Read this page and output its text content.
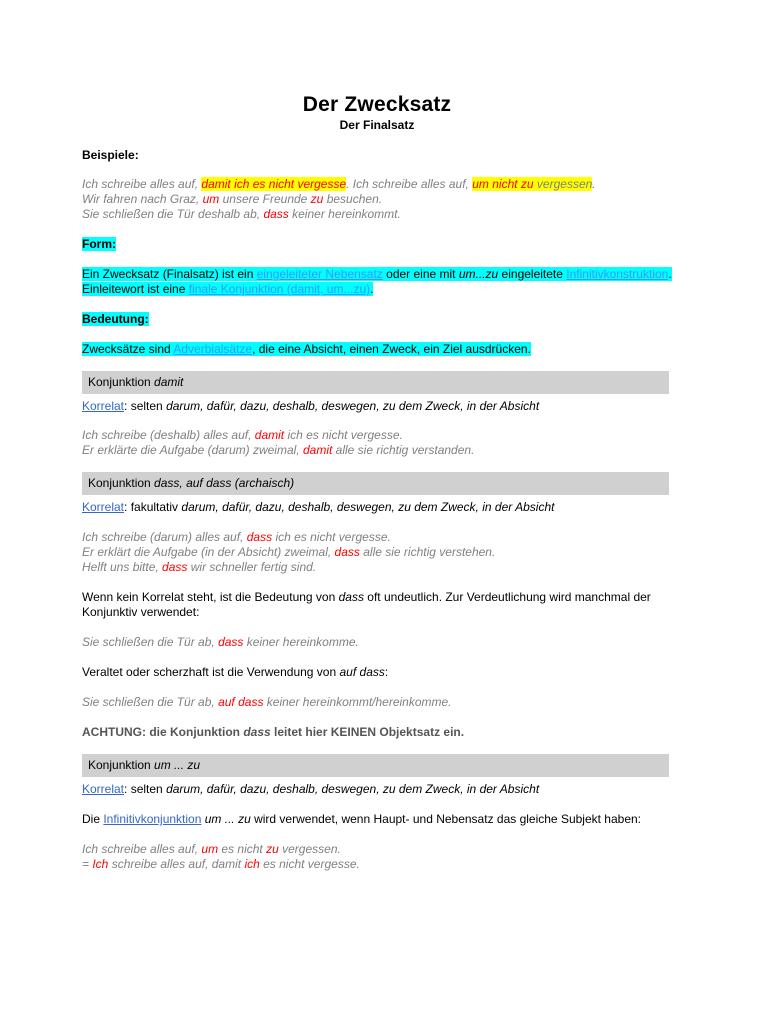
Der Zwecksatz
Der Finalsatz

Beispiele:

Ich schreibe alles auf, damit ich es nicht vergesse. Ich schreibe alles auf, um nicht zu vergessen.

Wir fahren nach Graz, um unsere Freunde zu besuchen.

Sie schließen die Tür deshalb ab, dass keiner hereinkommt.

Form:

Ein Zwecksatz (Finalsatz) ist ein eingeleiteter Nebensatz oder eine mit um...zu eingeleitete Infinitivkonstruktion. Einleitewort ist eine finale Konjunktion (damit, um...zu).

Bedeutung:

Zwecksätze sind Adverbialsätze, die eine Absicht, einen Zweck, ein Ziel ausdrücken.

Konjunktion damit

Korrelat: selten darum, dafür, dazu, deshalb, deswegen, zu dem Zweck, in der Absicht

Ich schreibe (deshalb) alles auf, damit ich es nicht vergesse.

Er erklärte die Aufgabe (darum) zweimal, damit alle sie richtig verstanden.

Konjunktion dass, auf dass (archaisch)

Korrelat: fakultativ darum, dafür, dazu, deshalb, deswegen, zu dem Zweck, in der Absicht

Ich schreibe (darum) alles auf, dass ich es nicht vergesse.

Er erklärt die Aufgabe (in der Absicht) zweimal, dass alle sie richtig verstehen.

Helft uns bitte, dass wir schneller fertig sind.

Wenn kein Korrelat steht, ist die Bedeutung von dass oft undeutlich. Zur Verdeutlichung wird manchmal der Konjunktiv verwendet:

Sie schließen die Tür ab, dass keiner hereinkomme.

Veraltet oder scherzhaft ist die Verwendung von auf dass:

Sie schließen die Tür ab, auf dass keiner hereinkommt/hereinkomme.

ACHTUNG: die Konjunktion dass leitet hier KEINEN Objektsatz ein.

Konjunktion um ... zu

Korrelat: selten darum, dafür, dazu, deshalb, deswegen, zu dem Zweck, in der Absicht

Die Infinitivkonjunktion um ... zu wird verwendet, wenn Haupt- und Nebensatz das gleiche Subjekt haben:

Ich schreibe alles auf, um es nicht zu vergessen.

= Ich schreibe alles auf, damit ich es nicht vergesse.
